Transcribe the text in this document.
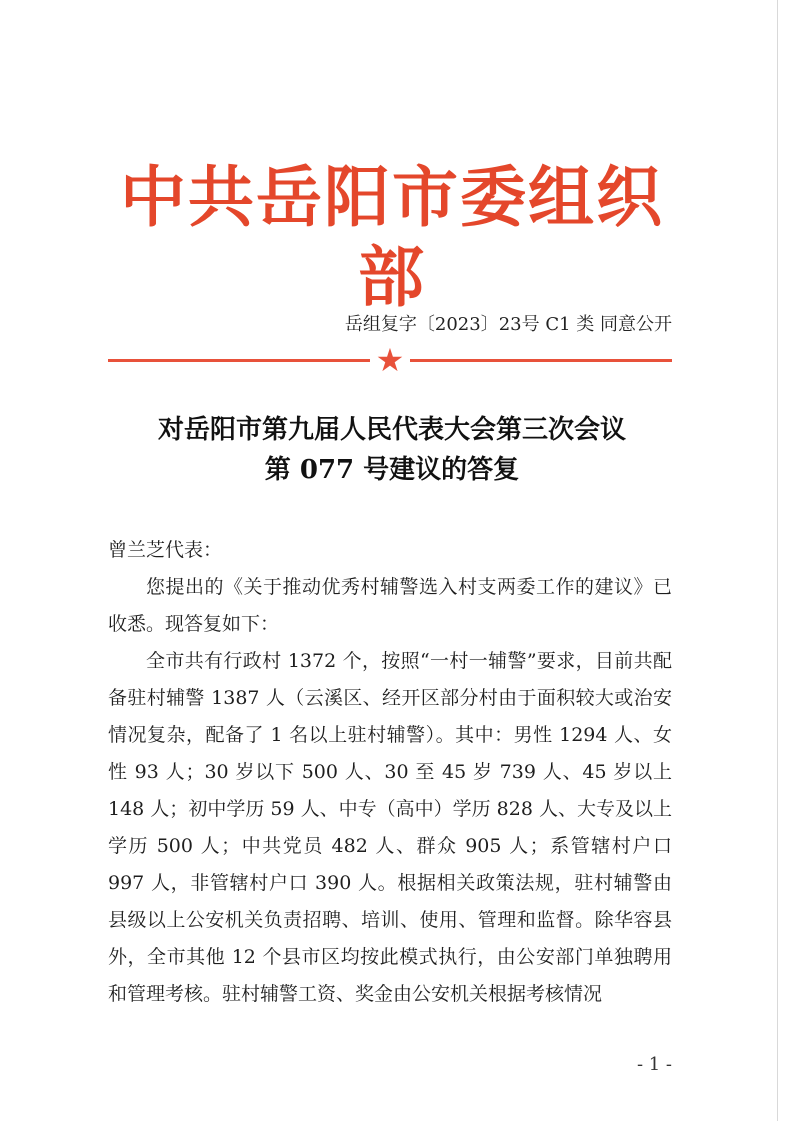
中共岳阳市委组织部
岳组复字〔2023〕23号 C1 类 同意公开
★
对岳阳市第九届人民代表大会第三次会议
第 077 号建议的答复

曾兰芝代表：

您提出的《关于推动优秀村辅警选入村支两委工作的建议》已收悉。现答复如下：

全市共有行政村 1372 个，按照“一村一辅警”要求，目前共配备驻村辅警 1387 人（云溪区、经开区部分村由于面积较大或治安情况复杂，配备了 1 名以上驻村辅警）。其中：男性 1294 人、女性 93 人；30 岁以下 500 人、30 至 45 岁 739 人、45 岁以上 148 人；初中学历 59 人、中专（高中）学历 828 人、大专及以上学历 500 人；中共党员 482 人、群众 905 人；系管辖村户口 997 人，非管辖村户口 390 人。根据相关政策法规，驻村辅警由县级以上公安机关负责招聘、培训、使用、管理和监督。除华容县外，全市其他 12 个县市区均按此模式执行，由公安部门单独聘用和管理考核。驻村辅警工资、奖金由公安机关根据考核情况

- 1 -
